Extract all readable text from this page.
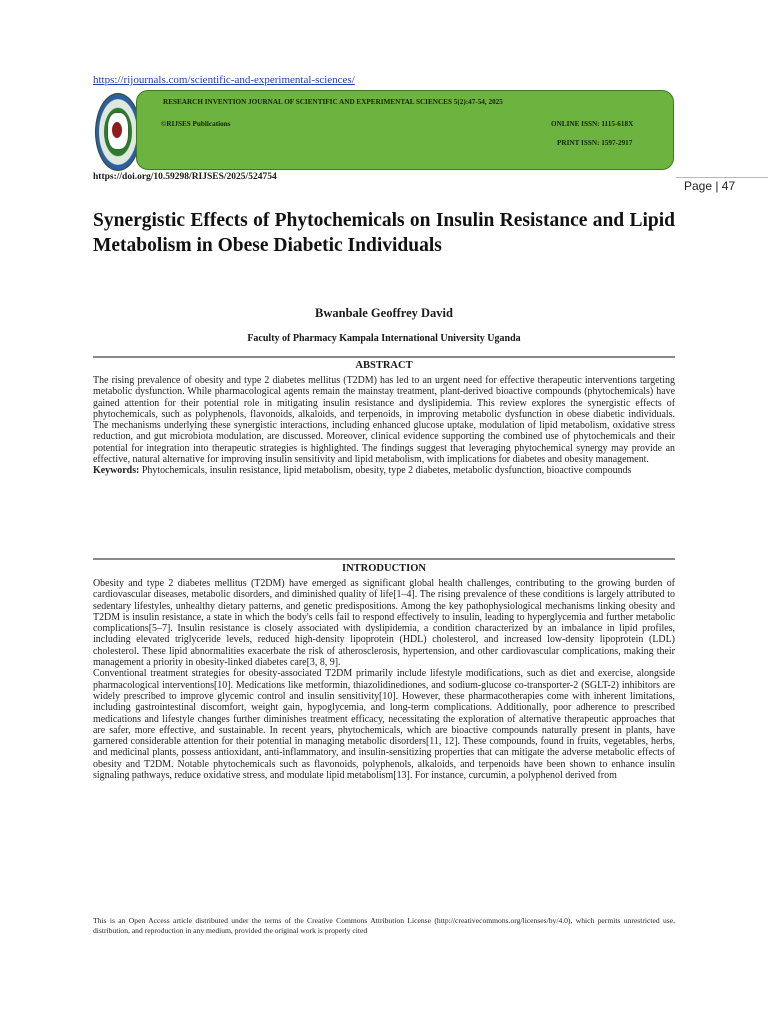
https://rijournals.com/scientific-and-experimental-sciences/
RESEARCH INVENTION JOURNAL OF SCIENTIFIC AND EXPERIMENTAL SCIENCES 5(2):47-54, 2025
©RIJSES Publications	ONLINE ISSN: 1115-618X
PRINT ISSN: 1597-2917
https://doi.org/10.59298/RIJSES/2025/524754
Page | 47
Synergistic Effects of Phytochemicals on Insulin Resistance and Lipid Metabolism in Obese Diabetic Individuals
Bwanbale Geoffrey David
Faculty of Pharmacy Kampala International University Uganda
ABSTRACT

The rising prevalence of obesity and type 2 diabetes mellitus (T2DM) has led to an urgent need for effective therapeutic interventions targeting metabolic dysfunction. While pharmacological agents remain the mainstay treatment, plant-derived bioactive compounds (phytochemicals) have gained attention for their potential role in mitigating insulin resistance and dyslipidemia. This review explores the synergistic effects of phytochemicals, such as polyphenols, flavonoids, alkaloids, and terpenoids, in improving metabolic dysfunction in obese diabetic individuals. The mechanisms underlying these synergistic interactions, including enhanced glucose uptake, modulation of lipid metabolism, oxidative stress reduction, and gut microbiota modulation, are discussed. Moreover, clinical evidence supporting the combined use of phytochemicals and their potential for integration into therapeutic strategies is highlighted. The findings suggest that leveraging phytochemical synergy may provide an effective, natural alternative for improving insulin sensitivity and lipid metabolism, with implications for diabetes and obesity management.

Keywords: Phytochemicals, insulin resistance, lipid metabolism, obesity, type 2 diabetes, metabolic dysfunction, bioactive compounds

INTRODUCTION

Obesity and type 2 diabetes mellitus (T2DM) have emerged as significant global health challenges, contributing to the growing burden of cardiovascular diseases, metabolic disorders, and diminished quality of life[1–4]. The rising prevalence of these conditions is largely attributed to sedentary lifestyles, unhealthy dietary patterns, and genetic predispositions. Among the key pathophysiological mechanisms linking obesity and T2DM is insulin resistance, a state in which the body's cells fail to respond effectively to insulin, leading to hyperglycemia and further metabolic complications[5–7]. Insulin resistance is closely associated with dyslipidemia, a condition characterized by an imbalance in lipid profiles, including elevated triglyceride levels, reduced high-density lipoprotein (HDL) cholesterol, and increased low-density lipoprotein (LDL) cholesterol. These lipid abnormalities exacerbate the risk of atherosclerosis, hypertension, and other cardiovascular complications, making their management a priority in obesity-linked diabetes care[3, 8, 9].

Conventional treatment strategies for obesity-associated T2DM primarily include lifestyle modifications, such as diet and exercise, alongside pharmacological interventions[10]. Medications like metformin, thiazolidinediones, and sodium-glucose co-transporter-2 (SGLT-2) inhibitors are widely prescribed to improve glycemic control and insulin sensitivity[10]. However, these pharmacotherapies come with inherent limitations, including gastrointestinal discomfort, weight gain, hypoglycemia, and long-term complications. Additionally, poor adherence to prescribed medications and lifestyle changes further diminishes treatment efficacy, necessitating the exploration of alternative therapeutic approaches that are safer, more effective, and sustainable. In recent years, phytochemicals, which are bioactive compounds naturally present in plants, have garnered considerable attention for their potential in managing metabolic disorders[11, 12]. These compounds, found in fruits, vegetables, herbs, and medicinal plants, possess antioxidant, anti-inflammatory, and insulin-sensitizing properties that can mitigate the adverse metabolic effects of obesity and T2DM. Notable phytochemicals such as flavonoids, polyphenols, alkaloids, and terpenoids have been shown to enhance insulin signaling pathways, reduce oxidative stress, and modulate lipid metabolism[13]. For instance, curcumin, a polyphenol derived from

This is an Open Access article distributed under the terms of the Creative Commons Attribution License (http://creativecommons.org/licenses/by/4.0), which permits unrestricted use, distribution, and reproduction in any medium, provided the original work is properly cited
